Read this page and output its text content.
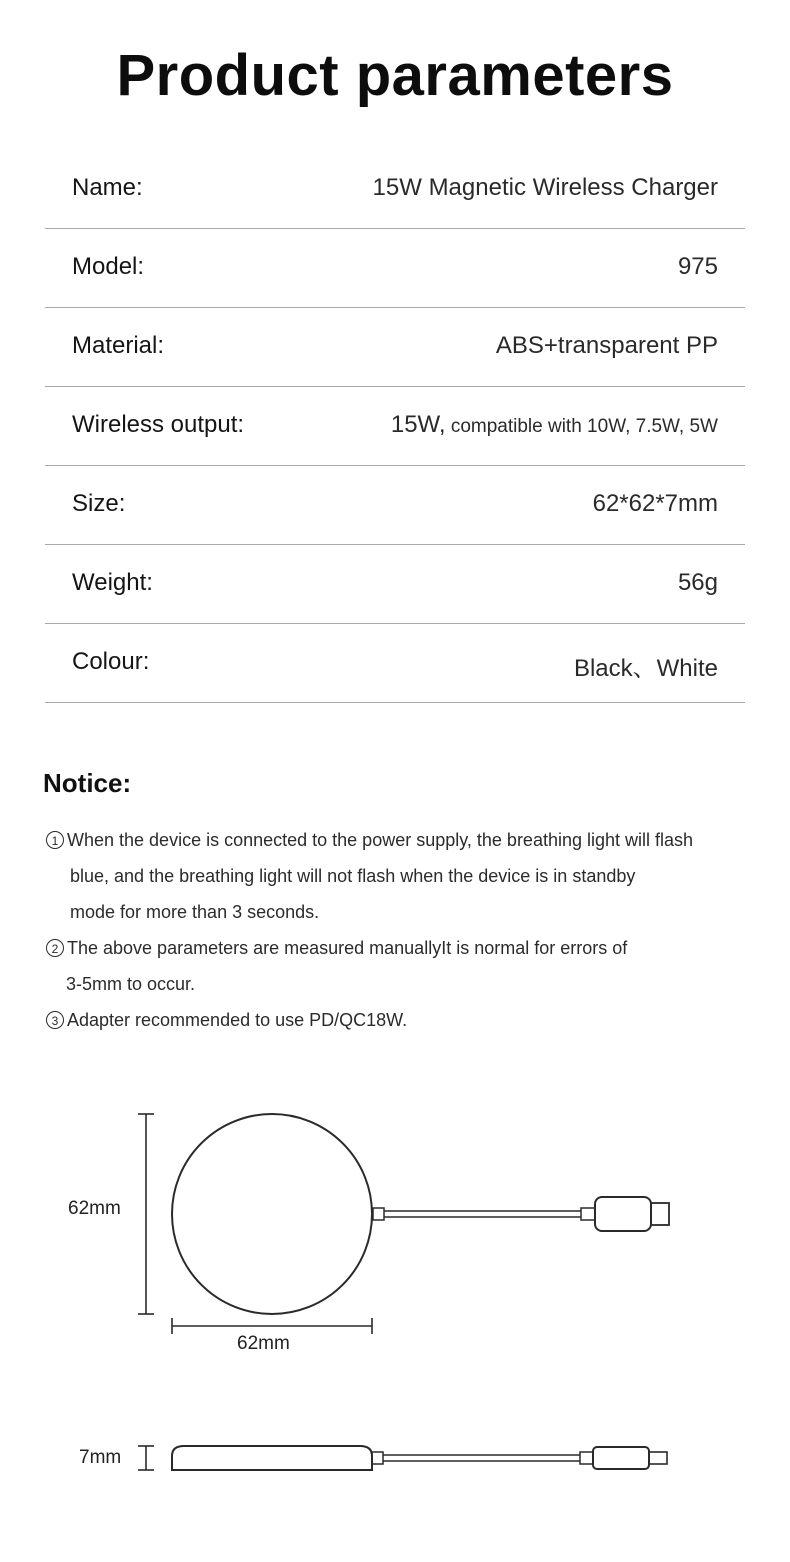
Product parameters
Name:	15W Magnetic Wireless Charger
Model:	975
Material:	ABS+transparent PP
Wireless output:	15W, compatible with 10W, 7.5W, 5W
Size:	62*62*7mm
Weight:	56g
Colour:	Black、White
Notice:
1 When the device is connected to the power supply, the breathing light will flash
blue, and the breathing light will not flash when the device is in standby
mode for more than 3 seconds.
2 The above parameters are measured manuallyIt is normal for errors of
3-5mm to occur.
3 Adapter recommended to use PD/QC18W.
62mm
62mm
7mm
